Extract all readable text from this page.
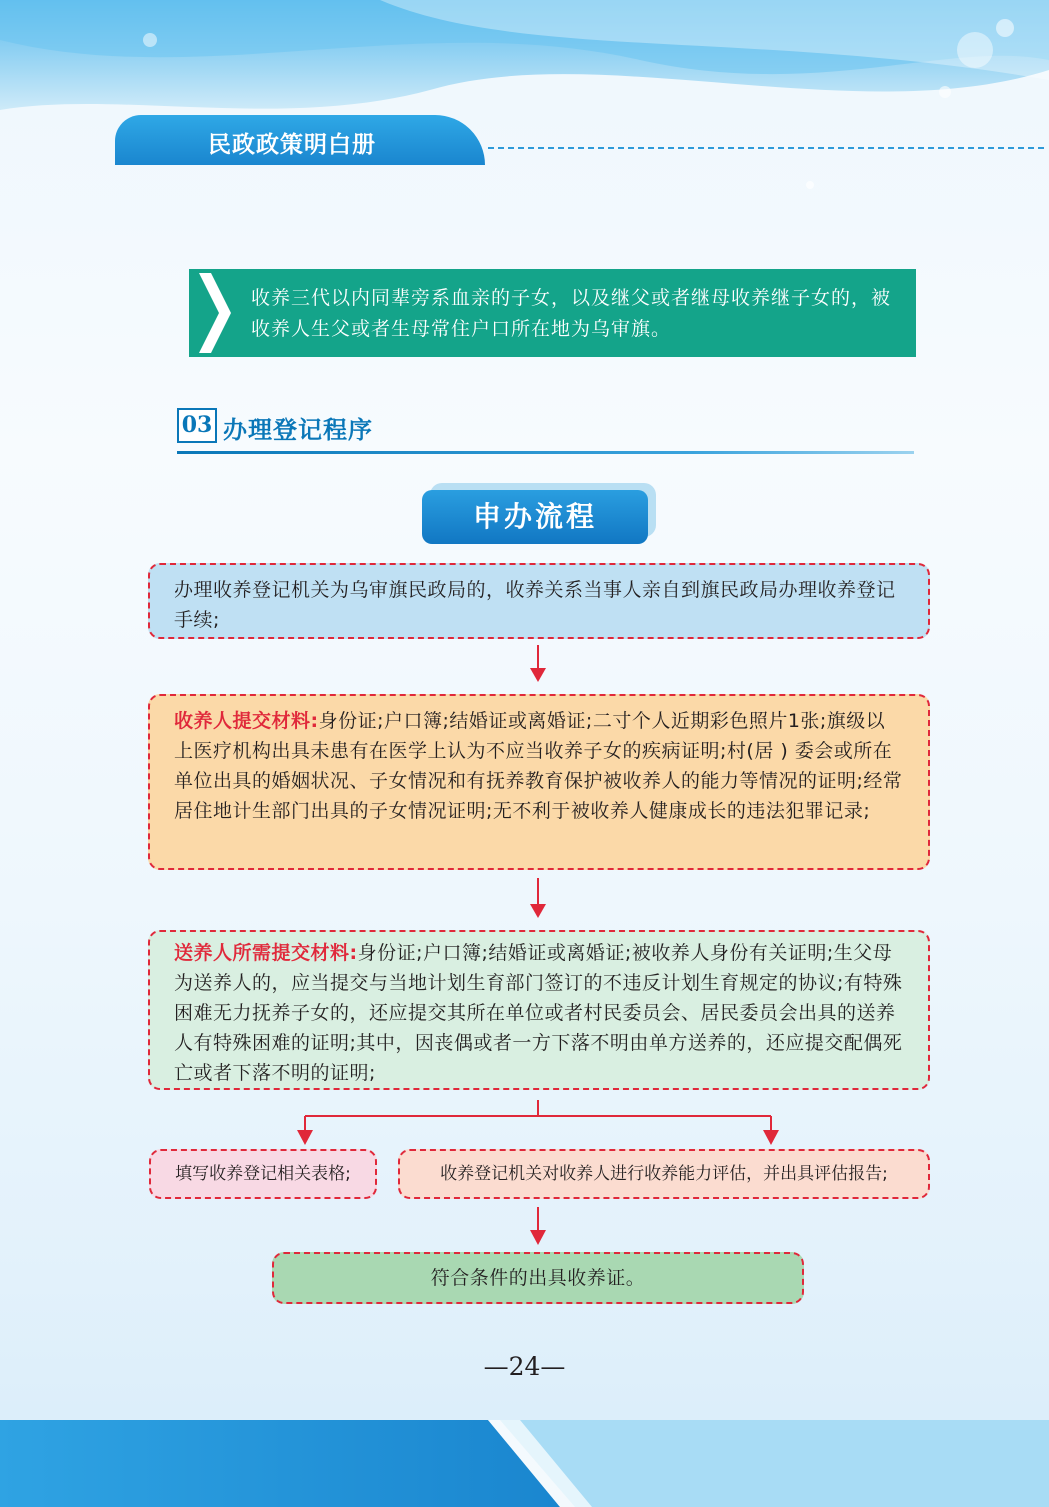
民政政策明白册
收养三代以内同辈旁系血亲的子女，以及继父或者继母收养继子女的，被收养人生父或者生母常住户口所在地为乌审旗。
03 办理登记程序
申办流程
办理收养登记机关为乌审旗民政局的，收养关系当事人亲自到旗民政局办理收养登记手续;
收养人提交材料:身份证;户口簿;结婚证或离婚证;二寸个人近期彩色照片1张;旗级以上医疗机构出具未患有在医学上认为不应当收养子女的疾病证明;村(居 ) 委会或所在单位出具的婚姻状况、子女情况和有抚养教育保护被收养人的能力等情况的证明;经常居住地计生部门出具的子女情况证明;无不利于被收养人健康成长的违法犯罪记录;
送养人所需提交材料:身份证;户口簿;结婚证或离婚证;被收养人身份有关证明;生父母为送养人的，应当提交与当地计划生育部门签订的不违反计划生育规定的协议;有特殊困难无力抚养子女的，还应提交其所在单位或者村民委员会、居民委员会出具的送养人有特殊困难的证明;其中，因丧偶或者一方下落不明由单方送养的，还应提交配偶死亡或者下落不明的证明;
填写收养登记相关表格;	收养登记机关对收养人进行收养能力评估，并出具评估报告;
符合条件的出具收养证。
—24—
